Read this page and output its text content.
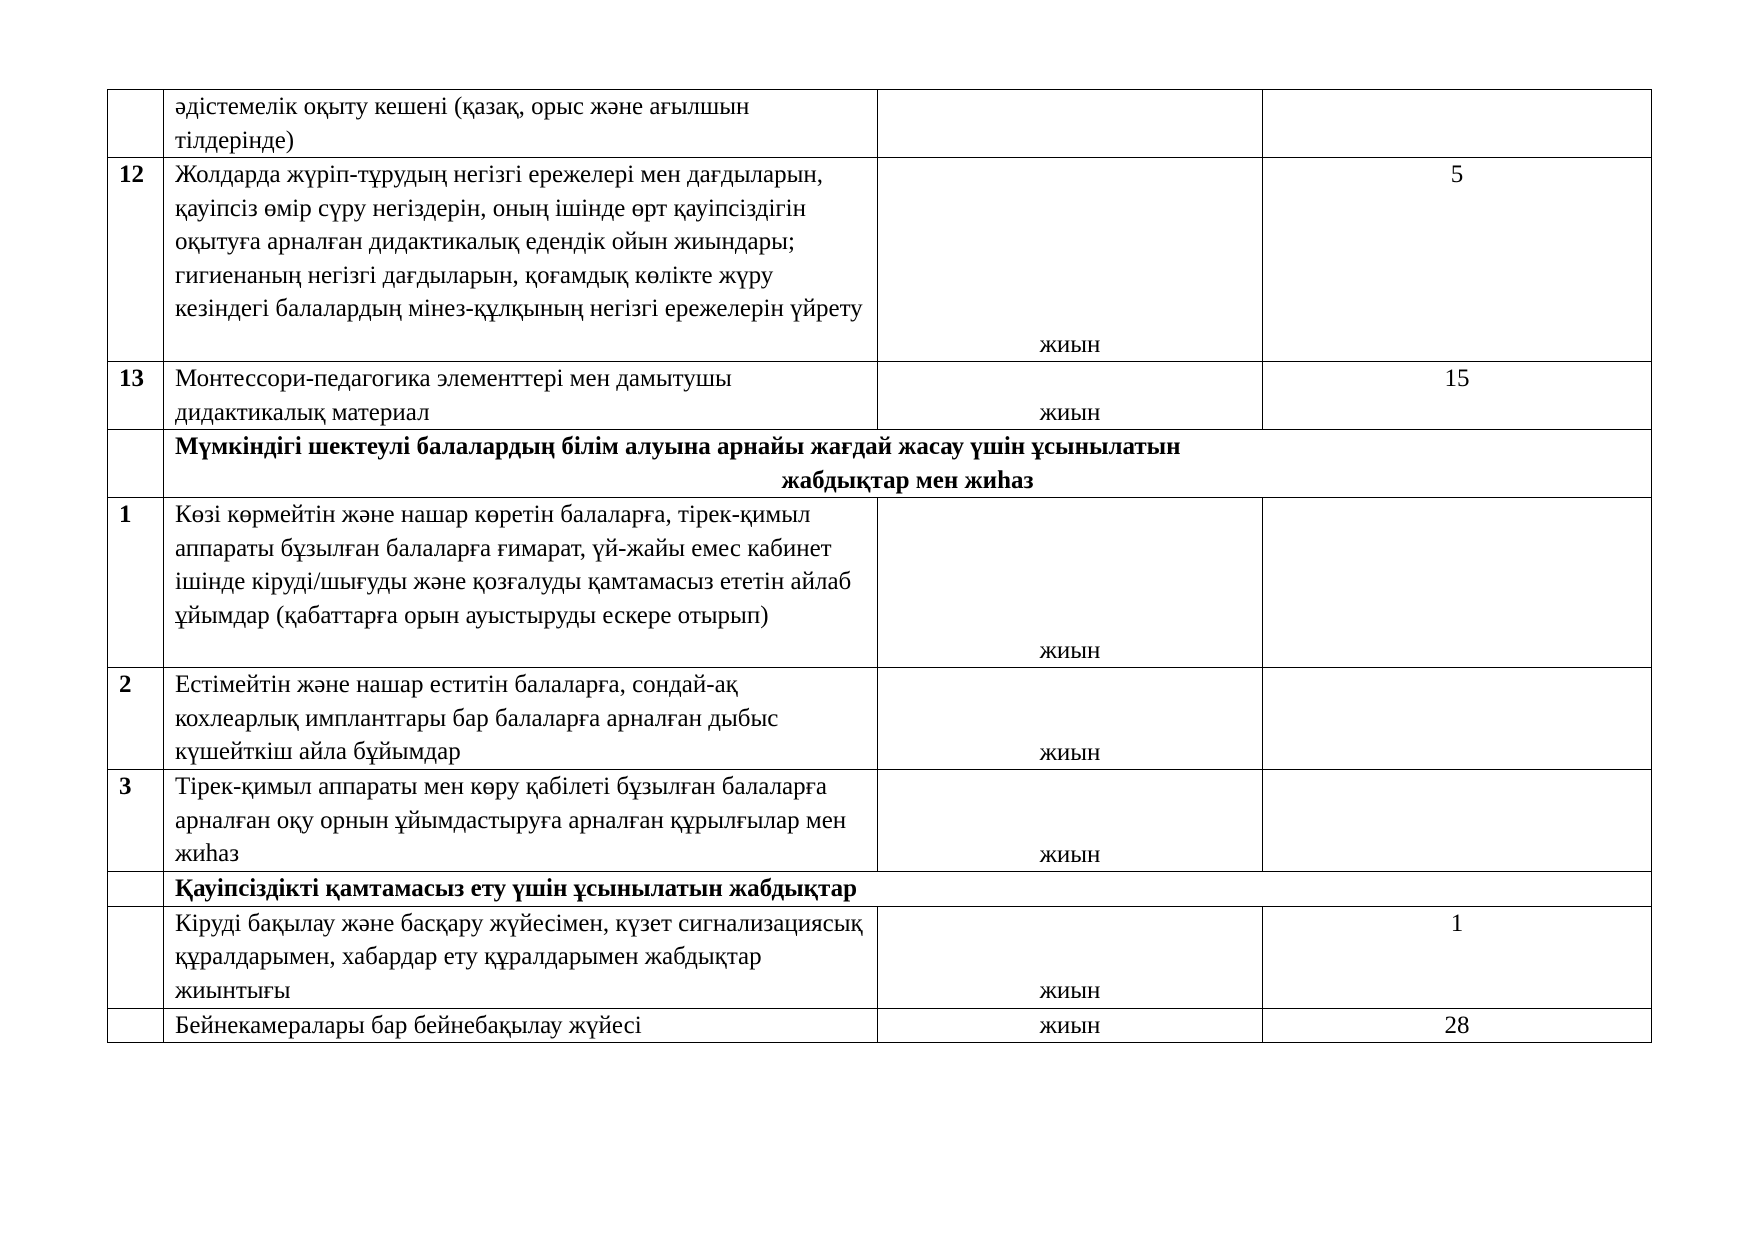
	әдістемелік оқыту кешені (қазақ, орыс және ағылшын тілдерінде)		
12	Жолдарда жүріп-тұрудың негізгі ережелері мен дағдыларын, қауіпсіз өмір сүру негіздерін, оның ішінде өрт қауіпсіздігін оқытуға арналған дидактикалық едендік ойын жиындары; гигиенаның негізгі дағдыларын, қоғамдық көлікте жүру кезіндегі балалардың мінез-құлқының негізгі ережелерін үйрету	жиын	5
13	Монтессори-педагогика элементтері мен дамытушы дидактикалық материал	жиын	15

	Мүмкіндігі шектеулі балалардың білім алуына арнайы жағдай жасау үшін ұсынылатын
жабдықтар мен жиһаз		
1	Көзі көрмейтін және нашар көретін балаларға, тірек-қимыл аппараты бұзылған балаларға ғимарат, үй-жайы емес кабинет ішінде кіруді/шығуды және қозғалуды қамтамасыз ететін айлаб ұйымдар (қабаттарға орын ауыстыруды ескере отырып)	жиын	
2	Естімейтін және нашар еститін балаларға, сондай-ақ кохлеарлық имплантгары бар балаларға арналған дыбыс күшейткіш айла бұйымдар	жиын	
3	Тірек-қимыл аппараты мен көру қабілеті бұзылған балаларға арналған оқу орнын ұйымдастыруға арналған құрылғылар мен жиһаз	жиын	
	Қауіпсіздікті қамтамасыз ету үшін ұсынылатын жабдықтар		
	Кіруді бақылау және басқару жүйесімен, күзет сигнализациясық құралдарымен, хабардар ету құралдарымен жабдықтар жиынтығы	жиын	1
	Бейнекамералары бар бейнебақылау жүйесі	жиын	28
